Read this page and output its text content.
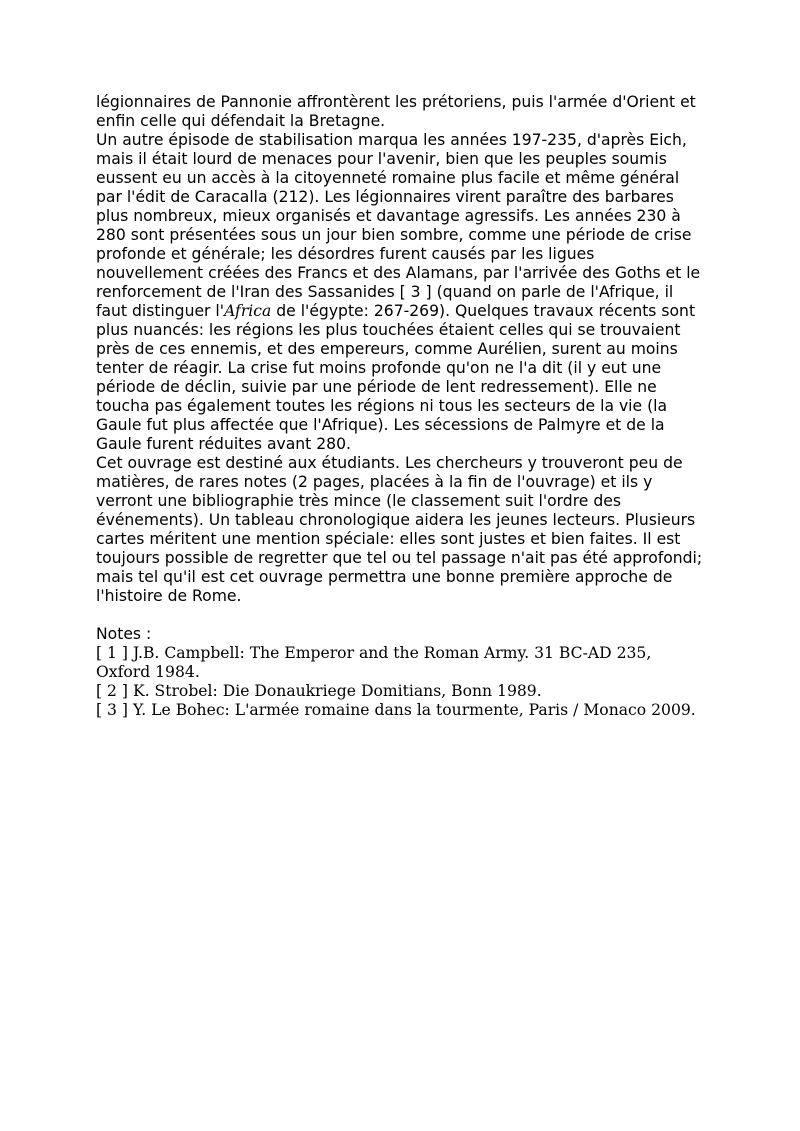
légionnaires de Pannonie affrontèrent les prétoriens, puis l'armée d'Orient et enfin celle qui défendait la Bretagne.

Un autre épisode de stabilisation marqua les années 197-235, d'après Eich, mais il était lourd de menaces pour l'avenir, bien que les peuples soumis eussent eu un accès à la citoyenneté romaine plus facile et même général par l'édit de Caracalla (212). Les légionnaires virent paraître des barbares plus nombreux, mieux organisés et davantage agressifs. Les années 230 à 280 sont présentées sous un jour bien sombre, comme une période de crise profonde et générale; les désordres furent causés par les ligues nouvellement créées des Francs et des Alamans, par l'arrivée des Goths et le renforcement de l'Iran des Sassanides [ 3 ] (quand on parle de l'Afrique, il faut distinguer l'Africa de l'égypte: 267-269). Quelques travaux récents sont plus nuancés: les régions les plus touchées étaient celles qui se trouvaient près de ces ennemis, et des empereurs, comme Aurélien, surent au moins tenter de réagir. La crise fut moins profonde qu'on ne l'a dit (il y eut une période de déclin, suivie par une période de lent redressement). Elle ne toucha pas également toutes les régions ni tous les secteurs de la vie (la Gaule fut plus affectée que l'Afrique). Les sécessions de Palmyre et de la Gaule furent réduites avant 280.

Cet ouvrage est destiné aux étudiants. Les chercheurs y trouveront peu de matières, de rares notes (2 pages, placées à la fin de l'ouvrage) et ils y verront une bibliographie très mince (le classement suit l'ordre des événements). Un tableau chronologique aidera les jeunes lecteurs. Plusieurs cartes méritent une mention spéciale: elles sont justes et bien faites. Il est toujours possible de regretter que tel ou tel passage n'ait pas été approfondi; mais tel qu'il est cet ouvrage permettra une bonne première approche de l'histoire de Rome.

Notes :

[ 1 ] J.B. Campbell: The Emperor and the Roman Army. 31 BC-AD 235, Oxford 1984.

[ 2 ] K. Strobel: Die Donaukriege Domitians, Bonn 1989.

[ 3 ] Y. Le Bohec: L'armée romaine dans la tourmente, Paris / Monaco 2009.
